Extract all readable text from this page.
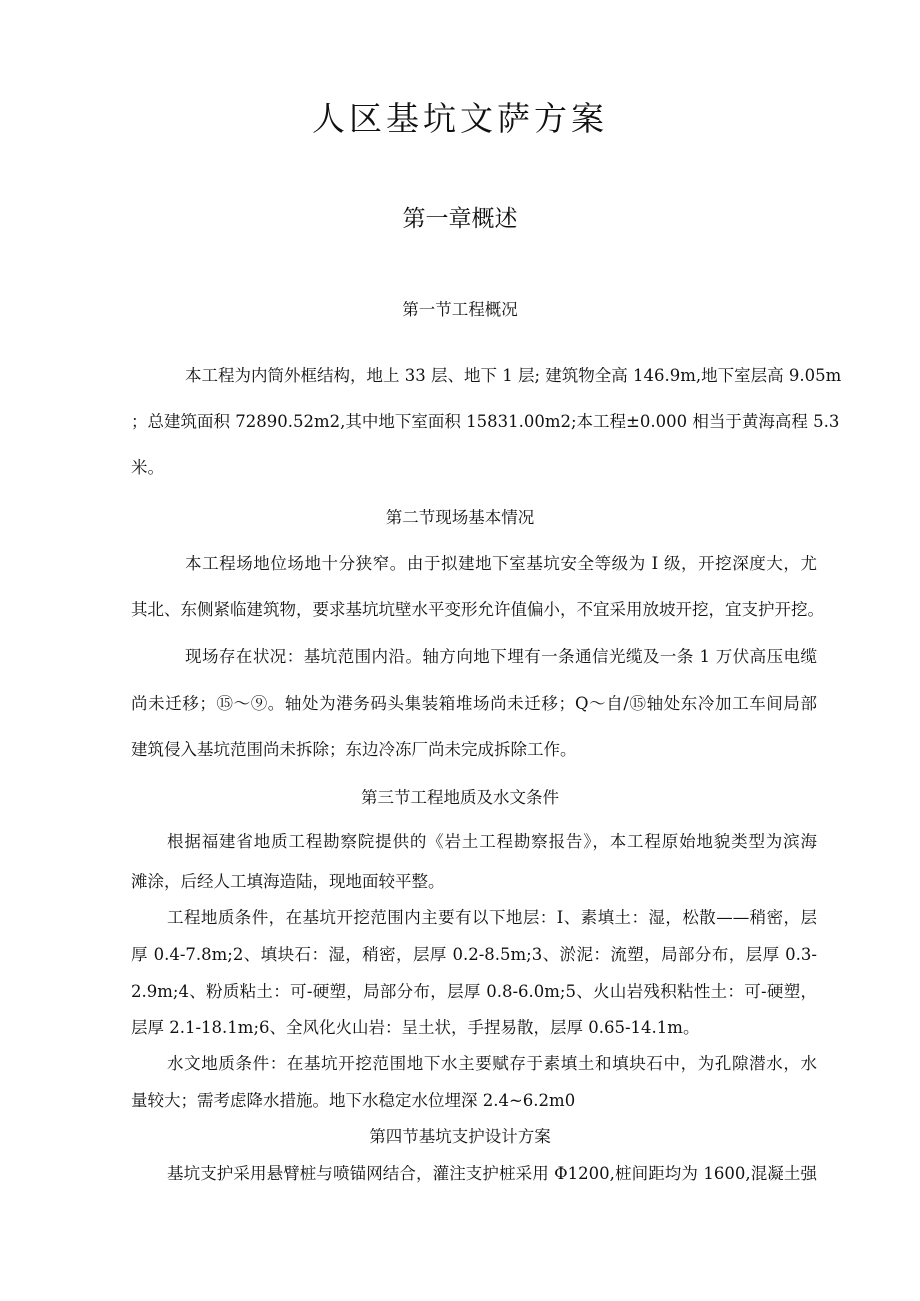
人区基坑文萨方案
第一章概述
第一节工程概况
本工程为内筒外框结构，地上 33 层、地下 1 层; 建筑物全高 146.9m,地下室层高 9.05m
；总建筑面积 72890.52m2,其中地下室面积 15831.00m2;本工程±0.000 相当于黄海高程 5.3
米。
第二节现场基本情况
本工程场地位场地十分狭窄。由于拟建地下室基坑安全等级为 I 级，开挖深度大，尤
其北、东侧紧临建筑物，要求基坑坑壁水平变形允许值偏小，不宜采用放坡开挖，宜支护开挖。
现场存在状况：基坑范围内沿。轴方向地下埋有一条通信光缆及一条 1 万伏高压电缆
尚未迁移；⑮～⑨。轴处为港务码头集装箱堆场尚未迁移；Q～自/⑮轴处东冷加工车间局部
建筑侵入基坑范围尚未拆除；东边冷冻厂尚未完成拆除工作。
第三节工程地质及水文条件
根据福建省地质工程勘察院提供的《岩土工程勘察报告》，本工程原始地貌类型为滨海
滩涂，后经人工填海造陆，现地面较平整。
工程地质条件，在基坑开挖范围内主要有以下地层：I、素填土：湿，松散——稍密，层
厚 0.4-7.8m;2、填块石：湿，稍密，层厚 0.2-8.5m;3、淤泥：流塑，局部分布，层厚 0.3-
2.9m;4、粉质粘土：可-硬塑，局部分布，层厚 0.8-6.0m;5、火山岩残积粘性土：可-硬塑，
层厚 2.1-18.1m;6、全风化火山岩：呈土状，手捏易散，层厚 0.65-14.1m。
水文地质条件：在基坑开挖范围地下水主要赋存于素填土和填块石中，为孔隙潜水，水
量较大；需考虑降水措施。地下水稳定水位埋深 2.4~6.2m0
第四节基坑支护设计方案
基坑支护采用悬臂桩与喷锚网结合，灌注支护桩采用 Φ1200,桩间距均为 1600,混凝土强
